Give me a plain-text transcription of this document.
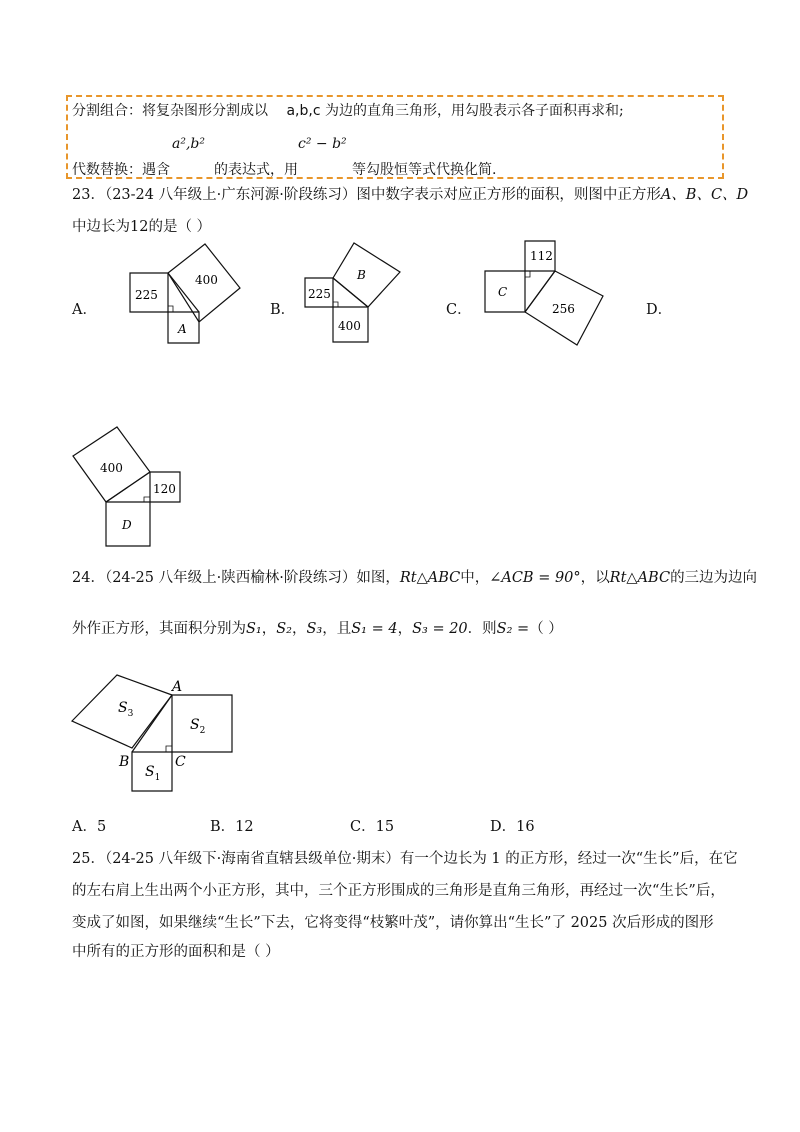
分割组合：将复杂图形分割成以 a,b,c 为边的直角三角形，用勾股表示各子面积再求和;
a²,b²	c² − b²
代数替换：遇含	的表达式，用	等勾股恒等式代换化简.
23．（23-24 八年级上·广东河源·阶段练习）图中数字表示对应正方形的面积，则图中正方形A、B、C、D
中边长为12的是（ ）
A．
225
400
A
B．
225
400
B
C．
C
112
256	D．
400
120
D
24．（24-25 八年级上·陕西榆林·阶段练习）如图，Rt△ABC中，∠ACB = 90°，以Rt△ABC的三边为边向
外作正方形，其面积分别为S₁，S₂，S₃，且S₁ = 4，S₃ = 20．则S₂ =（ ）
A
B	C
$S_3$
$S_2$
$S_1$
A．5	B．12	C．15	D．16
25．（24-25 八年级下·海南省直辖县级单位·期末）有一个边长为 1 的正方形，经过一次“生长”后，在它
的左右肩上生出两个小正方形，其中，三个正方形围成的三角形是直角三角形，再经过一次“生长”后，
变成了如图，如果继续“生长”下去，它将变得“枝繁叶茂”，请你算出“生长”了 2025 次后形成的图形
中所有的正方形的面积和是（ ）
